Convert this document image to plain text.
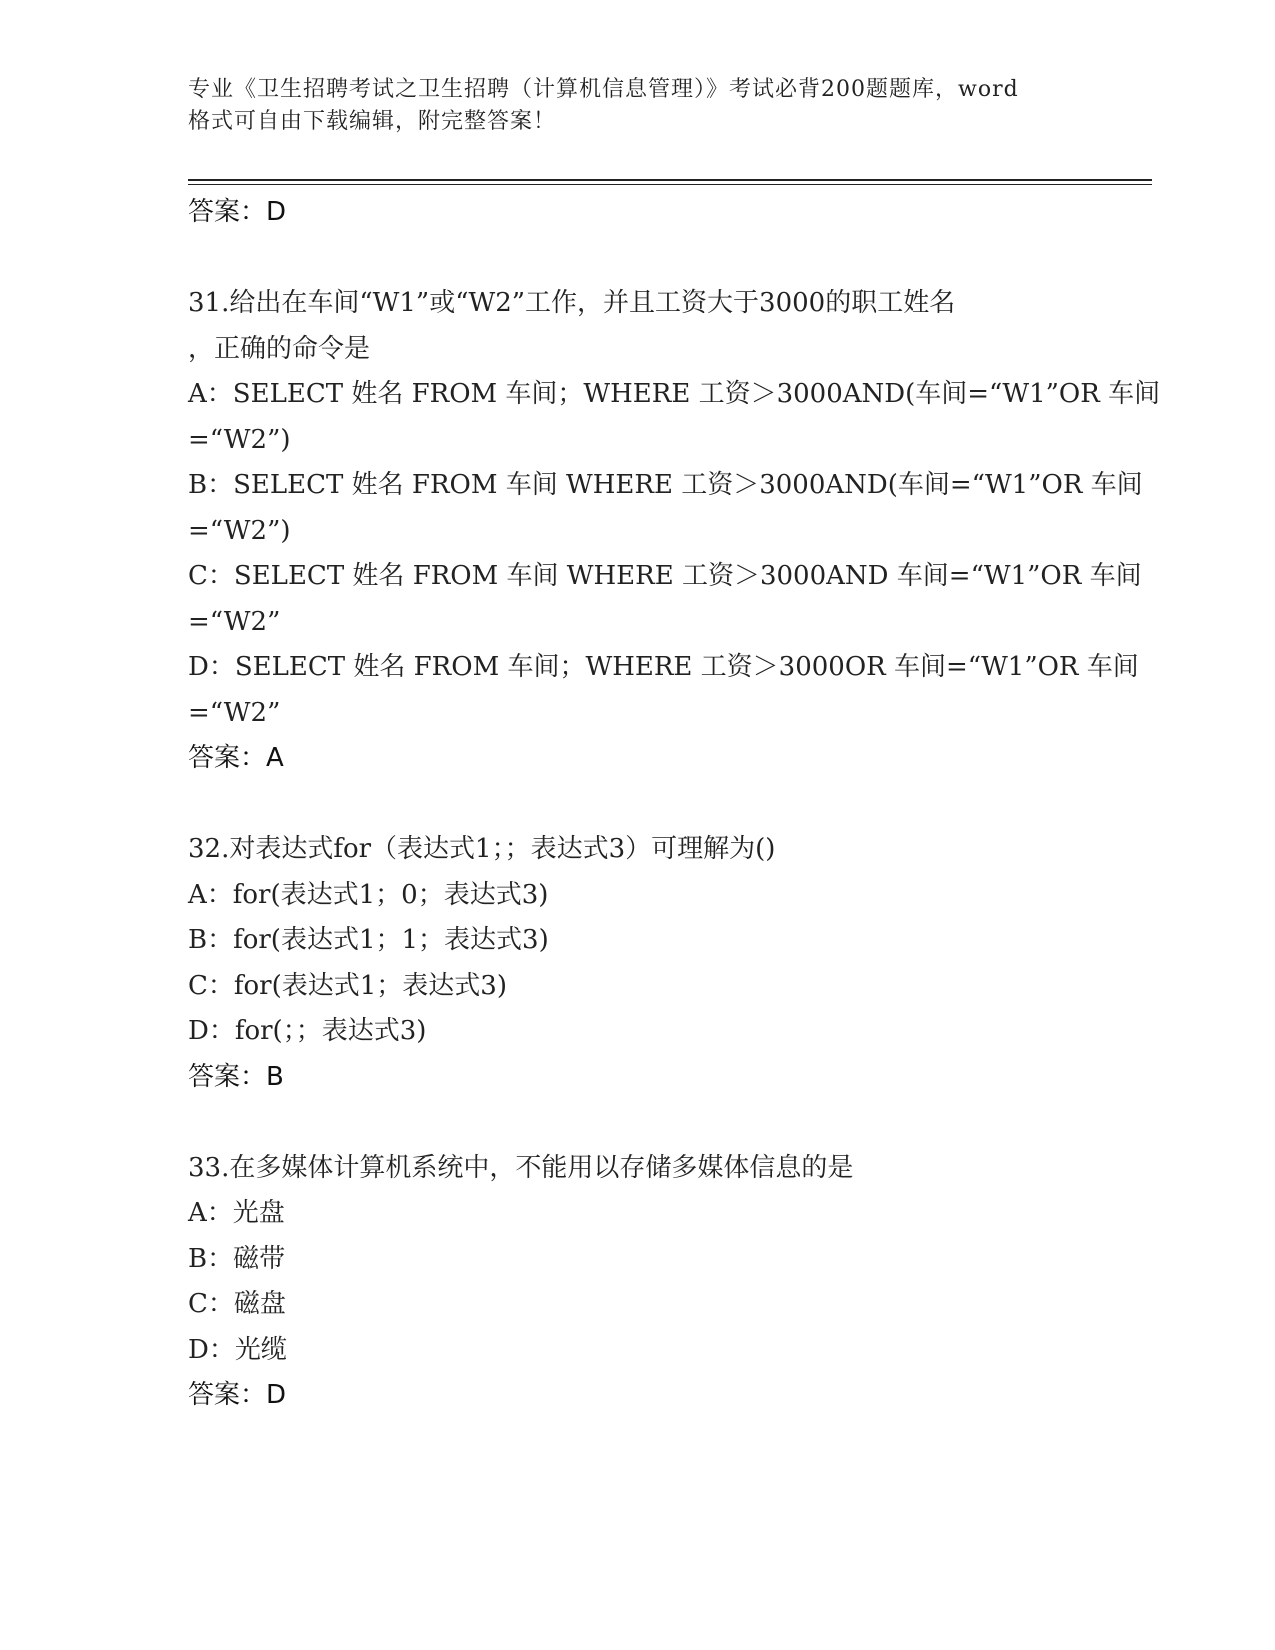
专业《卫生招聘考试之卫生招聘（计算机信息管理）》考试必背200题题库，word
格式可自由下载编辑，附完整答案！
答案：D
31.给出在车间“W1”或“W2”工作，并且工资大于3000的职工姓名
，正确的命令是
A：SELECT 姓名 FROM 车间；WHERE 工资＞3000AND(车间=“W1”OR 车间
=“W2”)
B：SELECT 姓名 FROM 车间 WHERE 工资＞3000AND(车间=“W1”OR 车间
=“W2”)
C：SELECT 姓名 FROM 车间 WHERE 工资＞3000AND 车间=“W1”OR 车间
=“W2”
D：SELECT 姓名 FROM 车间；WHERE 工资＞3000OR 车间=“W1”OR 车间
=“W2”
答案：A
32.对表达式for（表达式1；；表达式3）可理解为()
A：for(表达式1；0；表达式3)
B：for(表达式1；1；表达式3)
C：for(表达式1；表达式3)
D：for(；；表达式3)
答案：B
33.在多媒体计算机系统中，不能用以存储多媒体信息的是
A：光盘
B：磁带
C：磁盘
D：光缆
答案：D
